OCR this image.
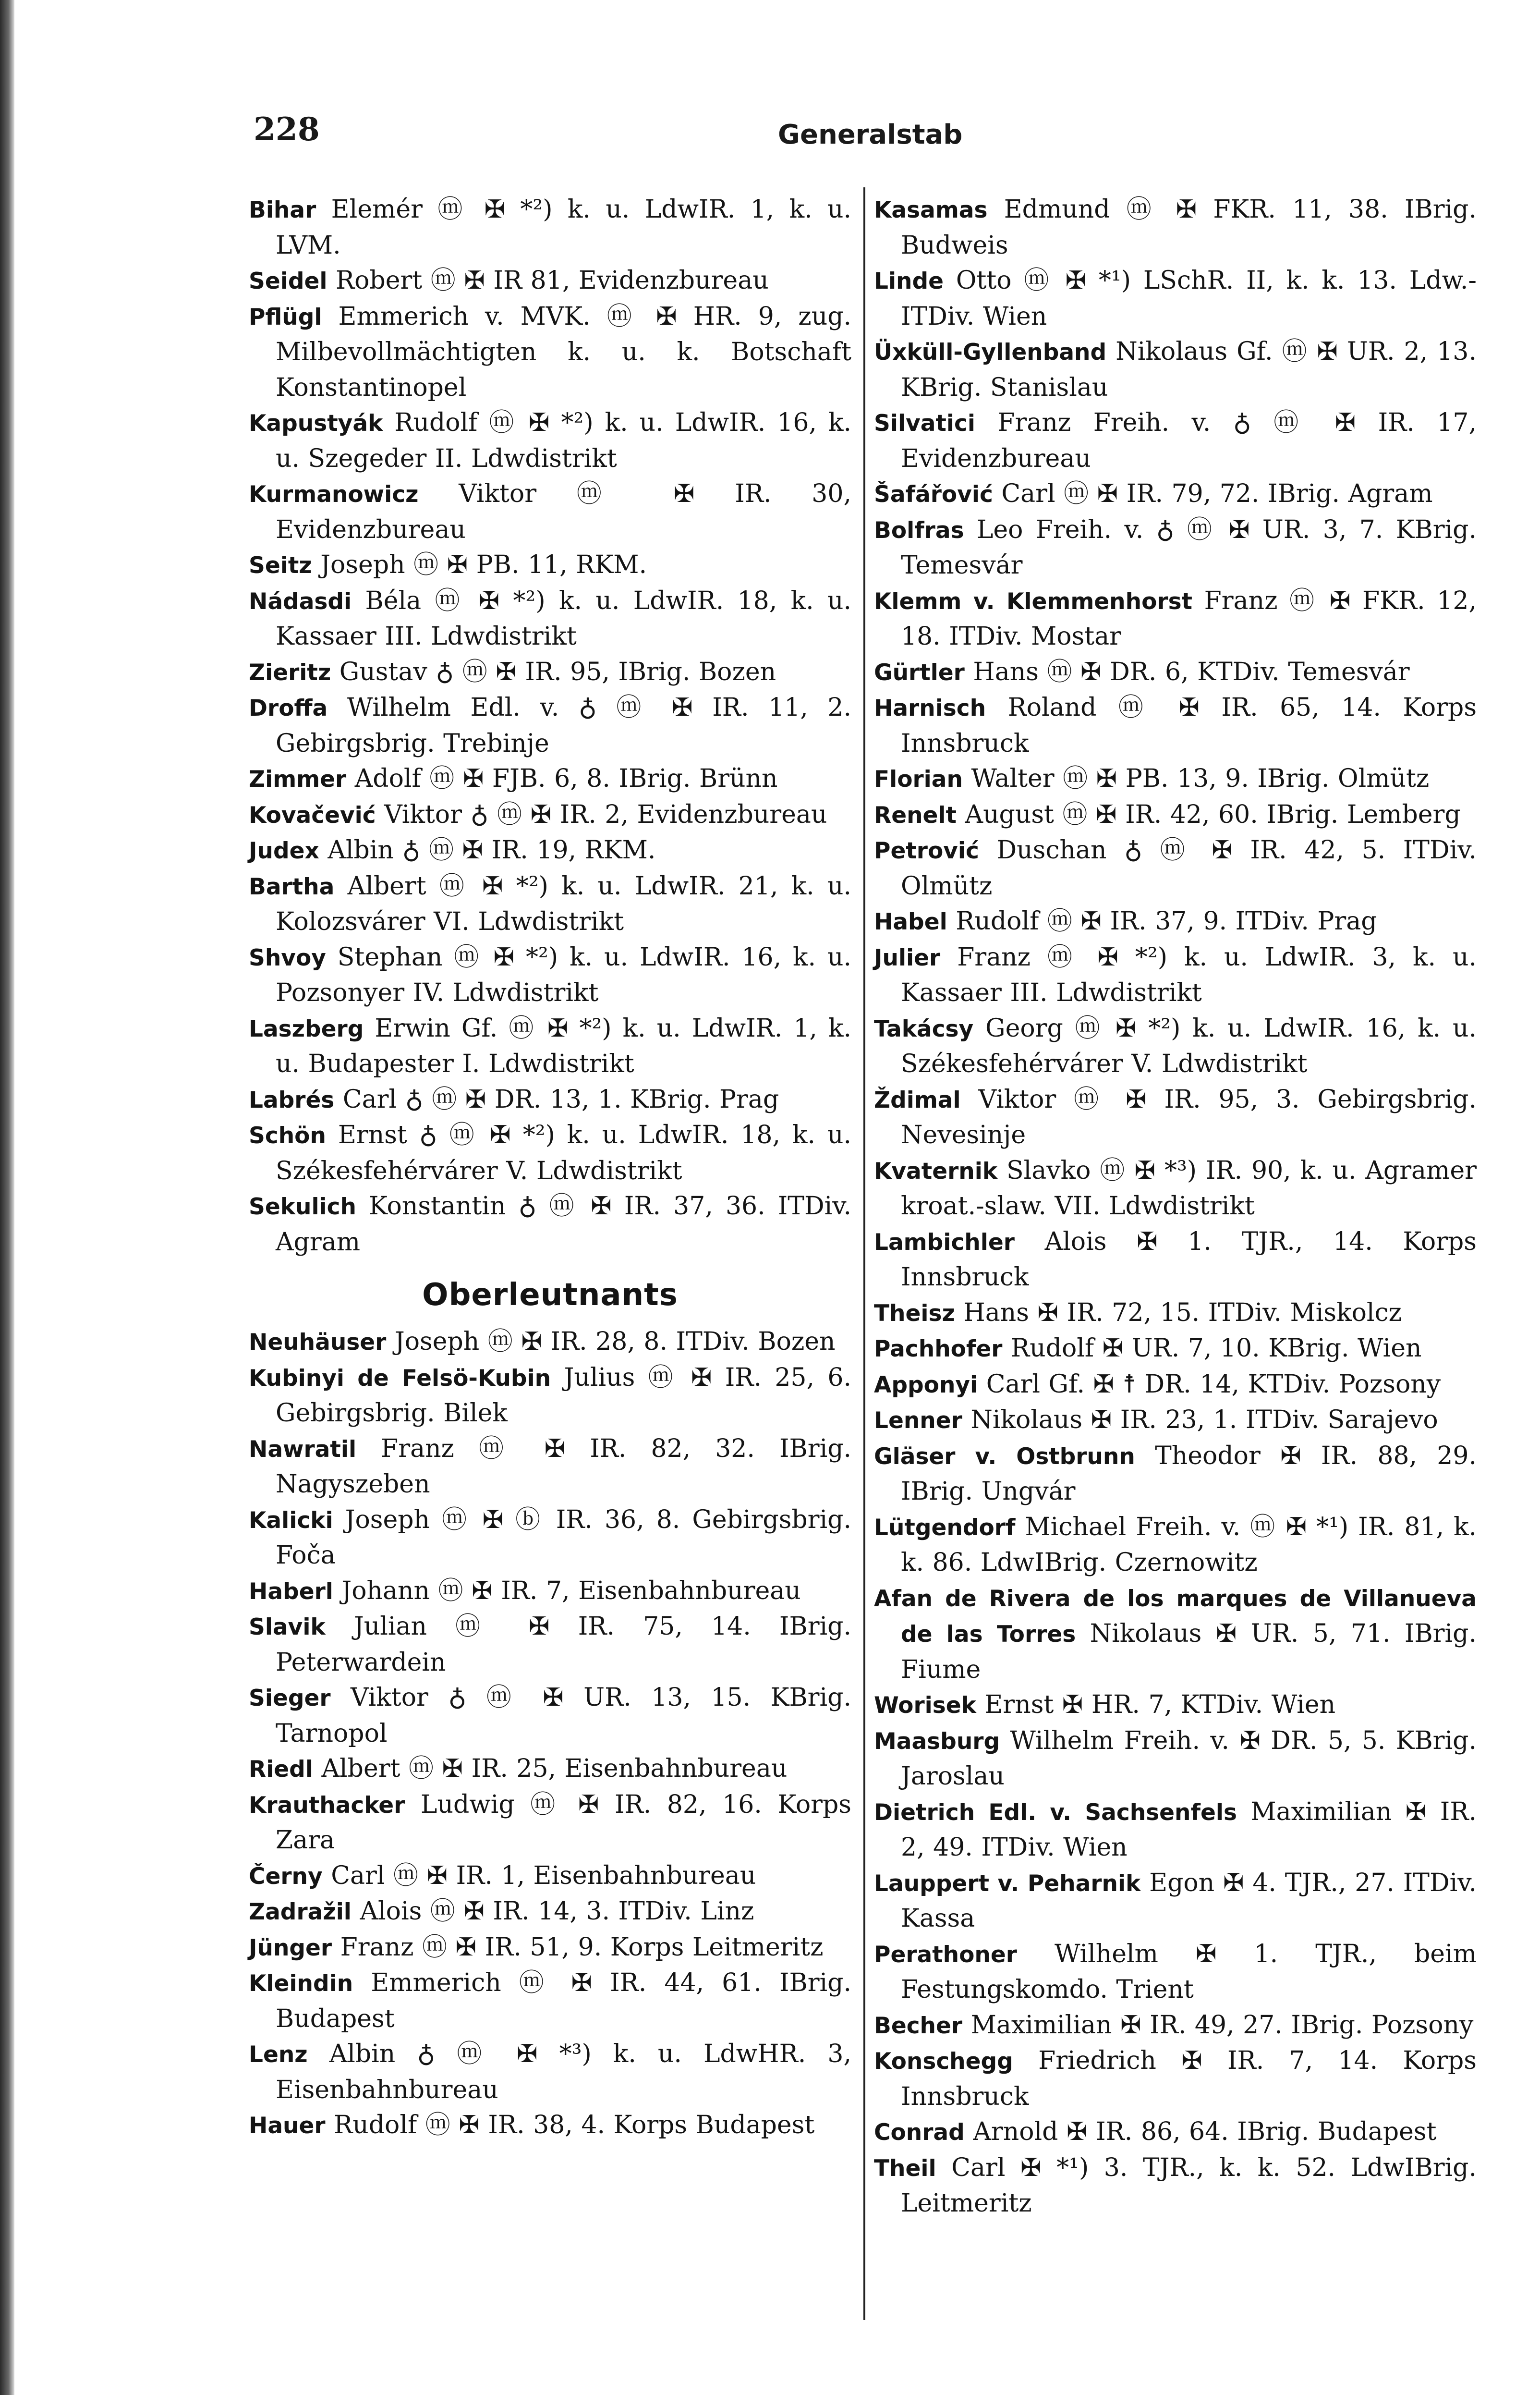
228	Generalstab
Bihar Elemér ⓜ ✠ *²) k. u. LdwIR. 1, k. u. LVM.
Seidel Robert ⓜ ✠ IR 81, Evidenzbureau
Pflügl Emmerich v. MVK. ⓜ ✠ HR. 9, zug. Milbevollmächtigten k. u. k. Botschaft Konstantinopel
Kapustyák Rudolf ⓜ ✠ *²) k. u. LdwIR. 16, k. u. Szegeder II. Ldwdistrikt
Kurmanowicz Viktor ⓜ ✠ IR. 30, Evidenzbureau
Seitz Joseph ⓜ ✠ PB. 11, RKM.
Nádasdi Béla ⓜ ✠ *²) k. u. LdwIR. 18, k. u. Kassaer III. Ldwdistrikt
Zieritz Gustav ♁ ⓜ ✠ IR. 95, IBrig. Bozen
Droffa Wilhelm Edl. v. ♁ ⓜ ✠ IR. 11, 2. Gebirgsbrig. Trebinje
Zimmer Adolf ⓜ ✠ FJB. 6, 8. IBrig. Brünn
Kovačević Viktor ♁ ⓜ ✠ IR. 2, Evidenzbureau
Judex Albin ♁ ⓜ ✠ IR. 19, RKM.
Bartha Albert ⓜ ✠ *²) k. u. LdwIR. 21, k. u. Kolozsvárer VI. Ldwdistrikt
Shvoy Stephan ⓜ ✠ *²) k. u. LdwIR. 16, k. u. Pozsonyer IV. Ldwdistrikt
Laszberg Erwin Gf. ⓜ ✠ *²) k. u. LdwIR. 1, k. u. Budapester I. Ldwdistrikt
Labrés Carl ♁ ⓜ ✠ DR. 13, 1. KBrig. Prag
Schön Ernst ♁ ⓜ ✠ *²) k. u. LdwIR. 18, k. u. Székesfehérvárer V. Ldwdistrikt
Sekulich Konstantin ♁ ⓜ ✠ IR. 37, 36. ITDiv. Agram
Oberleutnants
Neuhäuser Joseph ⓜ ✠ IR. 28, 8. ITDiv. Bozen
Kubinyi de Felsö-Kubin Julius ⓜ ✠ IR. 25, 6. Gebirgsbrig. Bilek
Nawratil Franz ⓜ ✠ IR. 82, 32. IBrig. Nagyszeben
Kalicki Joseph ⓜ ✠ ⓑ IR. 36, 8. Gebirgsbrig. Foča
Haberl Johann ⓜ ✠ IR. 7, Eisenbahnbureau
Slavik Julian ⓜ ✠ IR. 75, 14. IBrig. Peterwardein
Sieger Viktor ♁ ⓜ ✠ UR. 13, 15. KBrig. Tarnopol
Riedl Albert ⓜ ✠ IR. 25, Eisenbahnbureau
Krauthacker Ludwig ⓜ ✠ IR. 82, 16. Korps Zara
Černy Carl ⓜ ✠ IR. 1, Eisenbahnbureau
Zadražil Alois ⓜ ✠ IR. 14, 3. ITDiv. Linz
Jünger Franz ⓜ ✠ IR. 51, 9. Korps Leitmeritz
Kleindin Emmerich ⓜ ✠ IR. 44, 61. IBrig. Budapest
Lenz Albin ♁ ⓜ ✠ *³) k. u. LdwHR. 3, Eisenbahnbureau
Hauer Rudolf ⓜ ✠ IR. 38, 4. Korps Budapest
Kasamas Edmund ⓜ ✠ FKR. 11, 38. IBrig. Budweis
Linde Otto ⓜ ✠ *¹) LSchR. II, k. k. 13. Ldw.-ITDiv. Wien
Üxküll-Gyllenband Nikolaus Gf. ⓜ ✠ UR. 2, 13. KBrig. Stanislau
Silvatici Franz Freih. v. ♁ ⓜ ✠ IR. 17, Evidenzbureau
Šafářović Carl ⓜ ✠ IR. 79, 72. IBrig. Agram
Bolfras Leo Freih. v. ♁ ⓜ ✠ UR. 3, 7. KBrig. Temesvár
Klemm v. Klemmenhorst Franz ⓜ ✠ FKR. 12, 18. ITDiv. Mostar
Gürtler Hans ⓜ ✠ DR. 6, KTDiv. Temesvár
Harnisch Roland ⓜ ✠ IR. 65, 14. Korps Innsbruck
Florian Walter ⓜ ✠ PB. 13, 9. IBrig. Olmütz
Renelt August ⓜ ✠ IR. 42, 60. IBrig. Lemberg
Petrović Duschan ♁ ⓜ ✠ IR. 42, 5. ITDiv. Olmütz
Habel Rudolf ⓜ ✠ IR. 37, 9. ITDiv. Prag
Julier Franz ⓜ ✠ *²) k. u. LdwIR. 3, k. u. Kassaer III. Ldwdistrikt
Takácsy Georg ⓜ ✠ *²) k. u. LdwIR. 16, k. u. Székesfehérvárer V. Ldwdistrikt
Ždimal Viktor ⓜ ✠ IR. 95, 3. Gebirgsbrig. Nevesinje
Kvaternik Slavko ⓜ ✠ *³) IR. 90, k. u. Agramer kroat.-slaw. VII. Ldwdistrikt
Lambichler Alois ✠ 1. TJR., 14. Korps Innsbruck
Theisz Hans ✠ IR. 72, 15. ITDiv. Miskolcz
Pachhofer Rudolf ✠ UR. 7, 10. KBrig. Wien
Apponyi Carl Gf. ✠ ☨ DR. 14, KTDiv. Pozsony
Lenner Nikolaus ✠ IR. 23, 1. ITDiv. Sarajevo
Gläser v. Ostbrunn Theodor ✠ IR. 88, 29. IBrig. Ungvár
Lütgendorf Michael Freih. v. ⓜ ✠ *¹) IR. 81, k. k. 86. LdwIBrig. Czernowitz
Afan de Rivera de los marques de Villanueva de las Torres Nikolaus ✠ UR. 5, 71. IBrig. Fiume
Worisek Ernst ✠ HR. 7, KTDiv. Wien
Maasburg Wilhelm Freih. v. ✠ DR. 5, 5. KBrig. Jaroslau
Dietrich Edl. v. Sachsenfels Maximilian ✠ IR. 2, 49. ITDiv. Wien
Lauppert v. Peharnik Egon ✠ 4. TJR., 27. ITDiv. Kassa
Perathoner Wilhelm ✠ 1. TJR., beim Festungskomdo. Trient
Becher Maximilian ✠ IR. 49, 27. IBrig. Pozsony
Konschegg Friedrich ✠ IR. 7, 14. Korps Innsbruck
Conrad Arnold ✠ IR. 86, 64. IBrig. Budapest
Theil Carl ✠ *¹) 3. TJR., k. k. 52. LdwIBrig. Leitmeritz
